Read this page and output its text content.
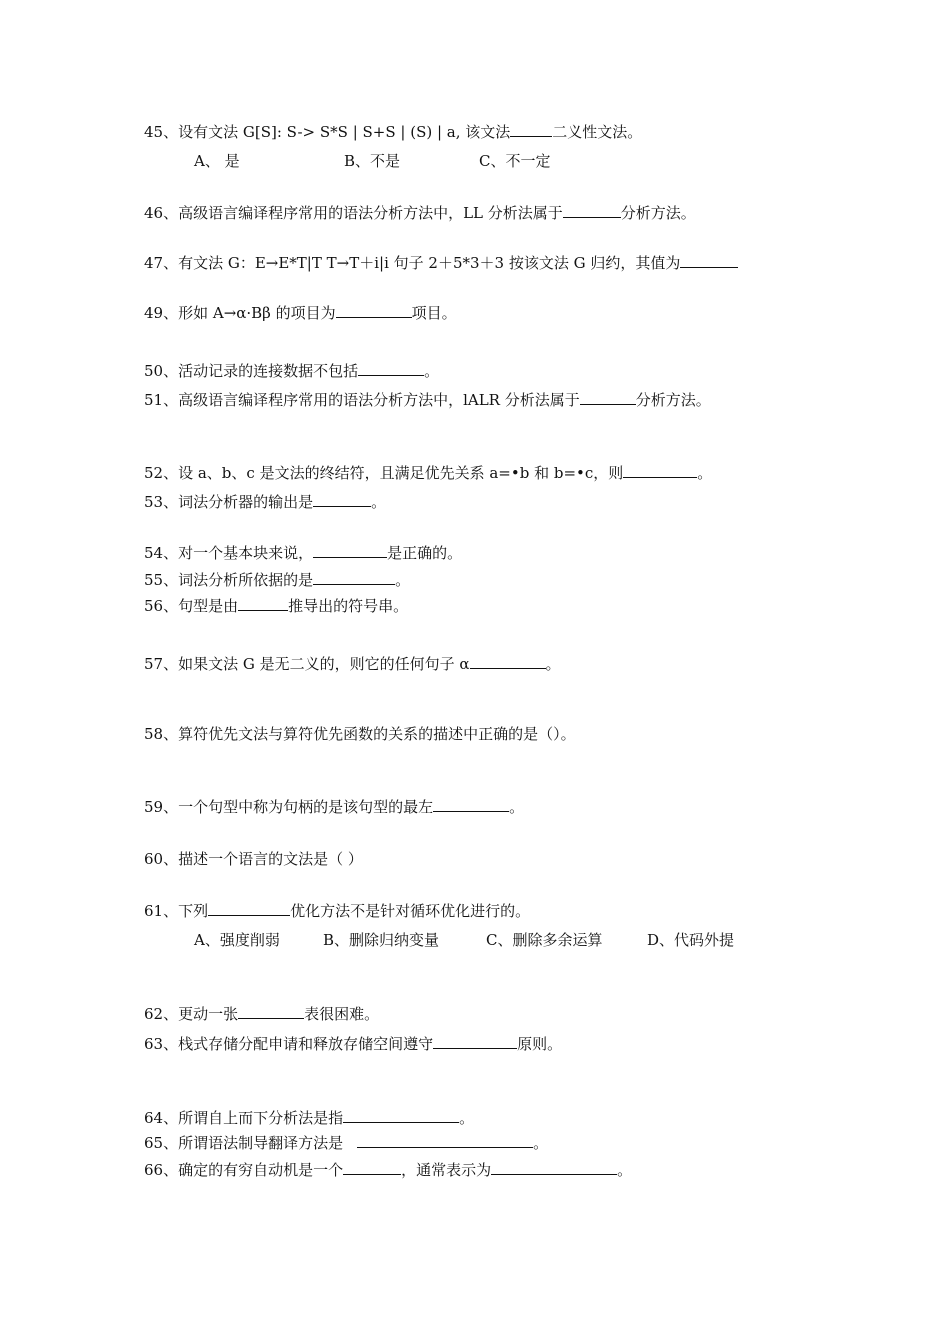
45、设有文法 G[S]: S-> S*S | S+S | (S) | a, 该文法	二义性文法。
A、 是	B、不是	C、不一定
46、高级语言编译程序常用的语法分析方法中，LL 分析法属于	分析方法。
47、有文法 G：E→E*T|T T→T＋i|i 句子 2＋5*3＋3 按该文法 G 归约，其值为
49、形如 A→α·Bβ 的项目为	项目。
50、活动记录的连接数据不包括	。
51、高级语言编译程序常用的语法分析方法中，lALR 分析法属于	分析方法。
52、设 a、b、c 是文法的终结符，且满足优先关系 a=•b 和 b=•c，则	。
53、词法分析器的输出是	。
54、对一个基本块来说，	是正确的。
55、词法分析所依据的是	。
56、句型是由	推导出的符号串。
57、如果文法 G 是无二义的，则它的任何句子 α	。
58、算符优先文法与算符优先函数的关系的描述中正确的是（）。
59、一个句型中称为句柄的是该句型的最左	。
60、描述一个语言的文法是（ ）
61、下列	优化方法不是针对循环优化进行的。
A、强度削弱	B、删除归纳变量	C、删除多余运算	D、代码外提
62、更动一张	表很困难。
63、栈式存储分配申请和释放存储空间遵守	原则。
64、所谓自上而下分析法是指	。
65、所谓语法制导翻译方法是	。
66、确定的有穷自动机是一个	，通常表示为	。
